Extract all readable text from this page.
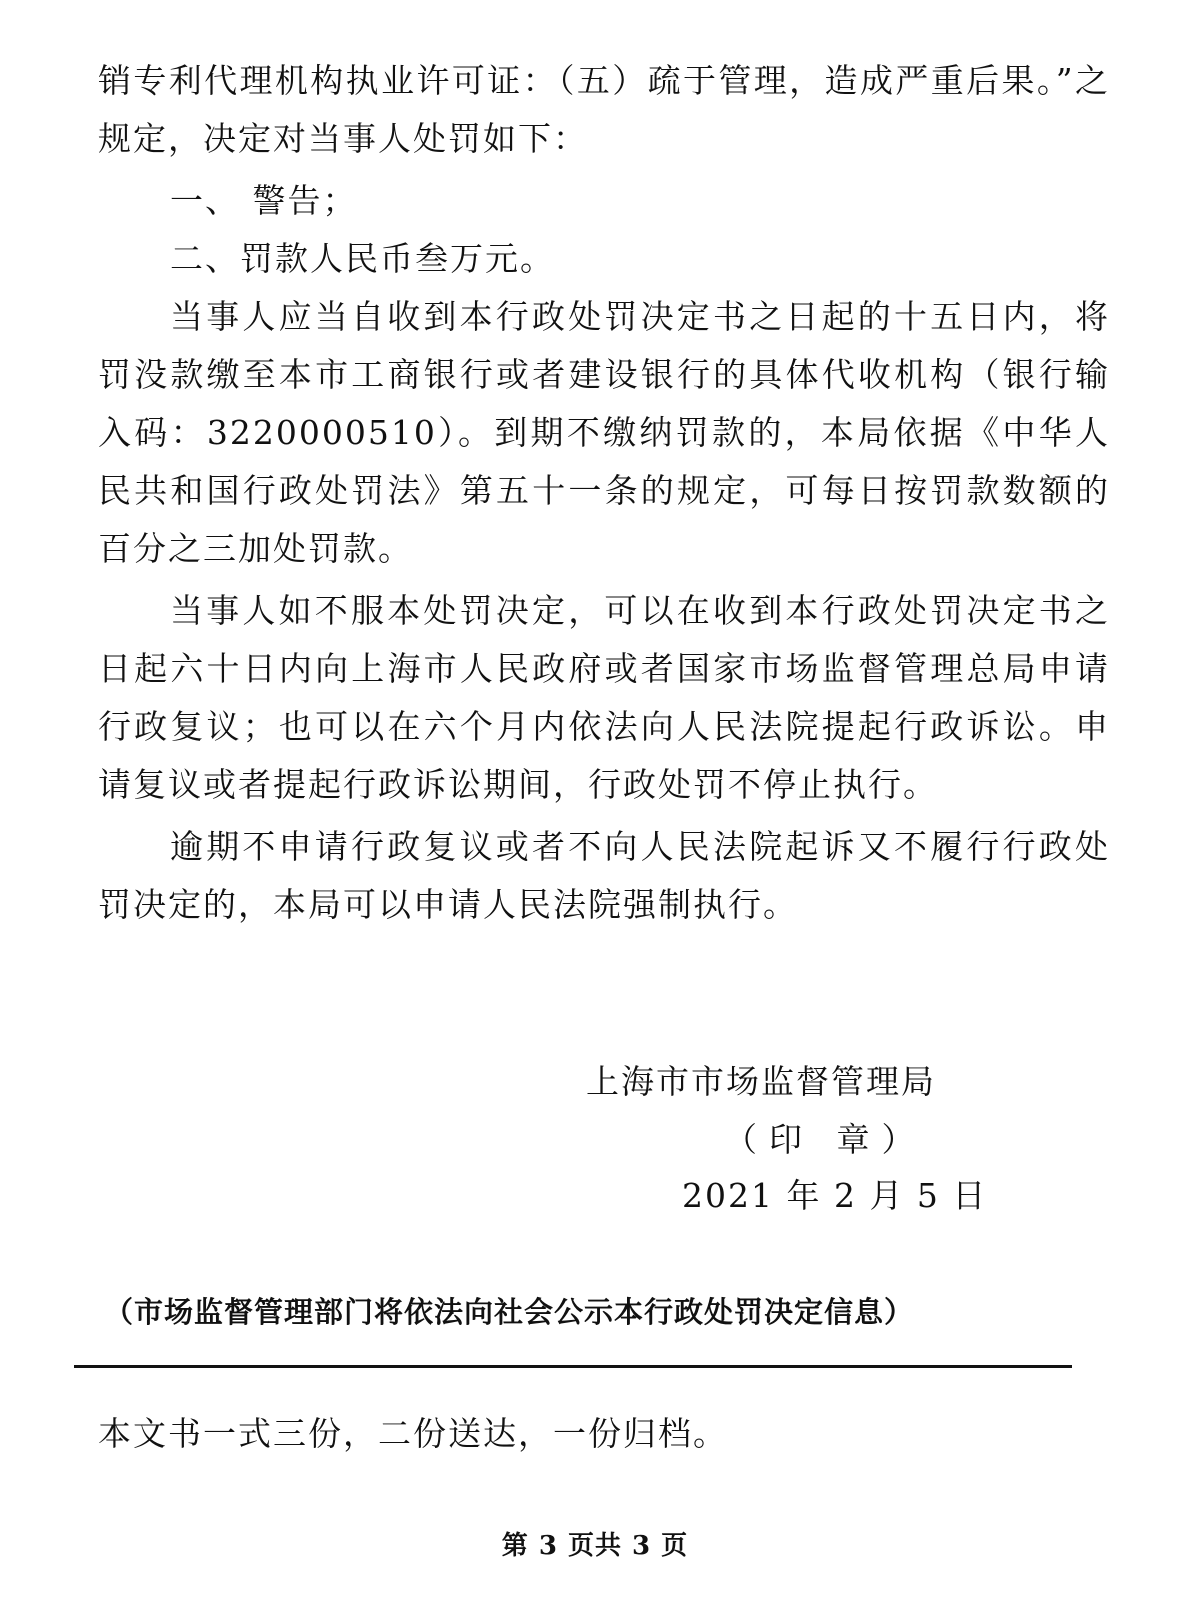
销专利代理机构执业许可证：（五）疏于管理，造成严重后果。”之规定，决定对当事人处罚如下：

一、 警告；

二、罚款人民币叁万元。

当事人应当自收到本行政处罚决定书之日起的十五日内，将罚没款缴至本市工商银行或者建设银行的具体代收机构（银行输入码：3220000510）。到期不缴纳罚款的，本局依据《中华人民共和国行政处罚法》第五十一条的规定，可每日按罚款数额的百分之三加处罚款。

当事人如不服本处罚决定，可以在收到本行政处罚决定书之日起六十日内向上海市人民政府或者国家市场监督管理总局申请行政复议；也可以在六个月内依法向人民法院提起行政诉讼。申请复议或者提起行政诉讼期间，行政处罚不停止执行。

逾期不申请行政复议或者不向人民法院起诉又不履行行政处罚决定的，本局可以申请人民法院强制执行。

上海市市场监督管理局
（印 章）
2021 年 2 月 5 日
（市场监督管理部门将依法向社会公示本行政处罚决定信息）
本文书一式三份，二份送达，一份归档。
第 3 页共 3 页
